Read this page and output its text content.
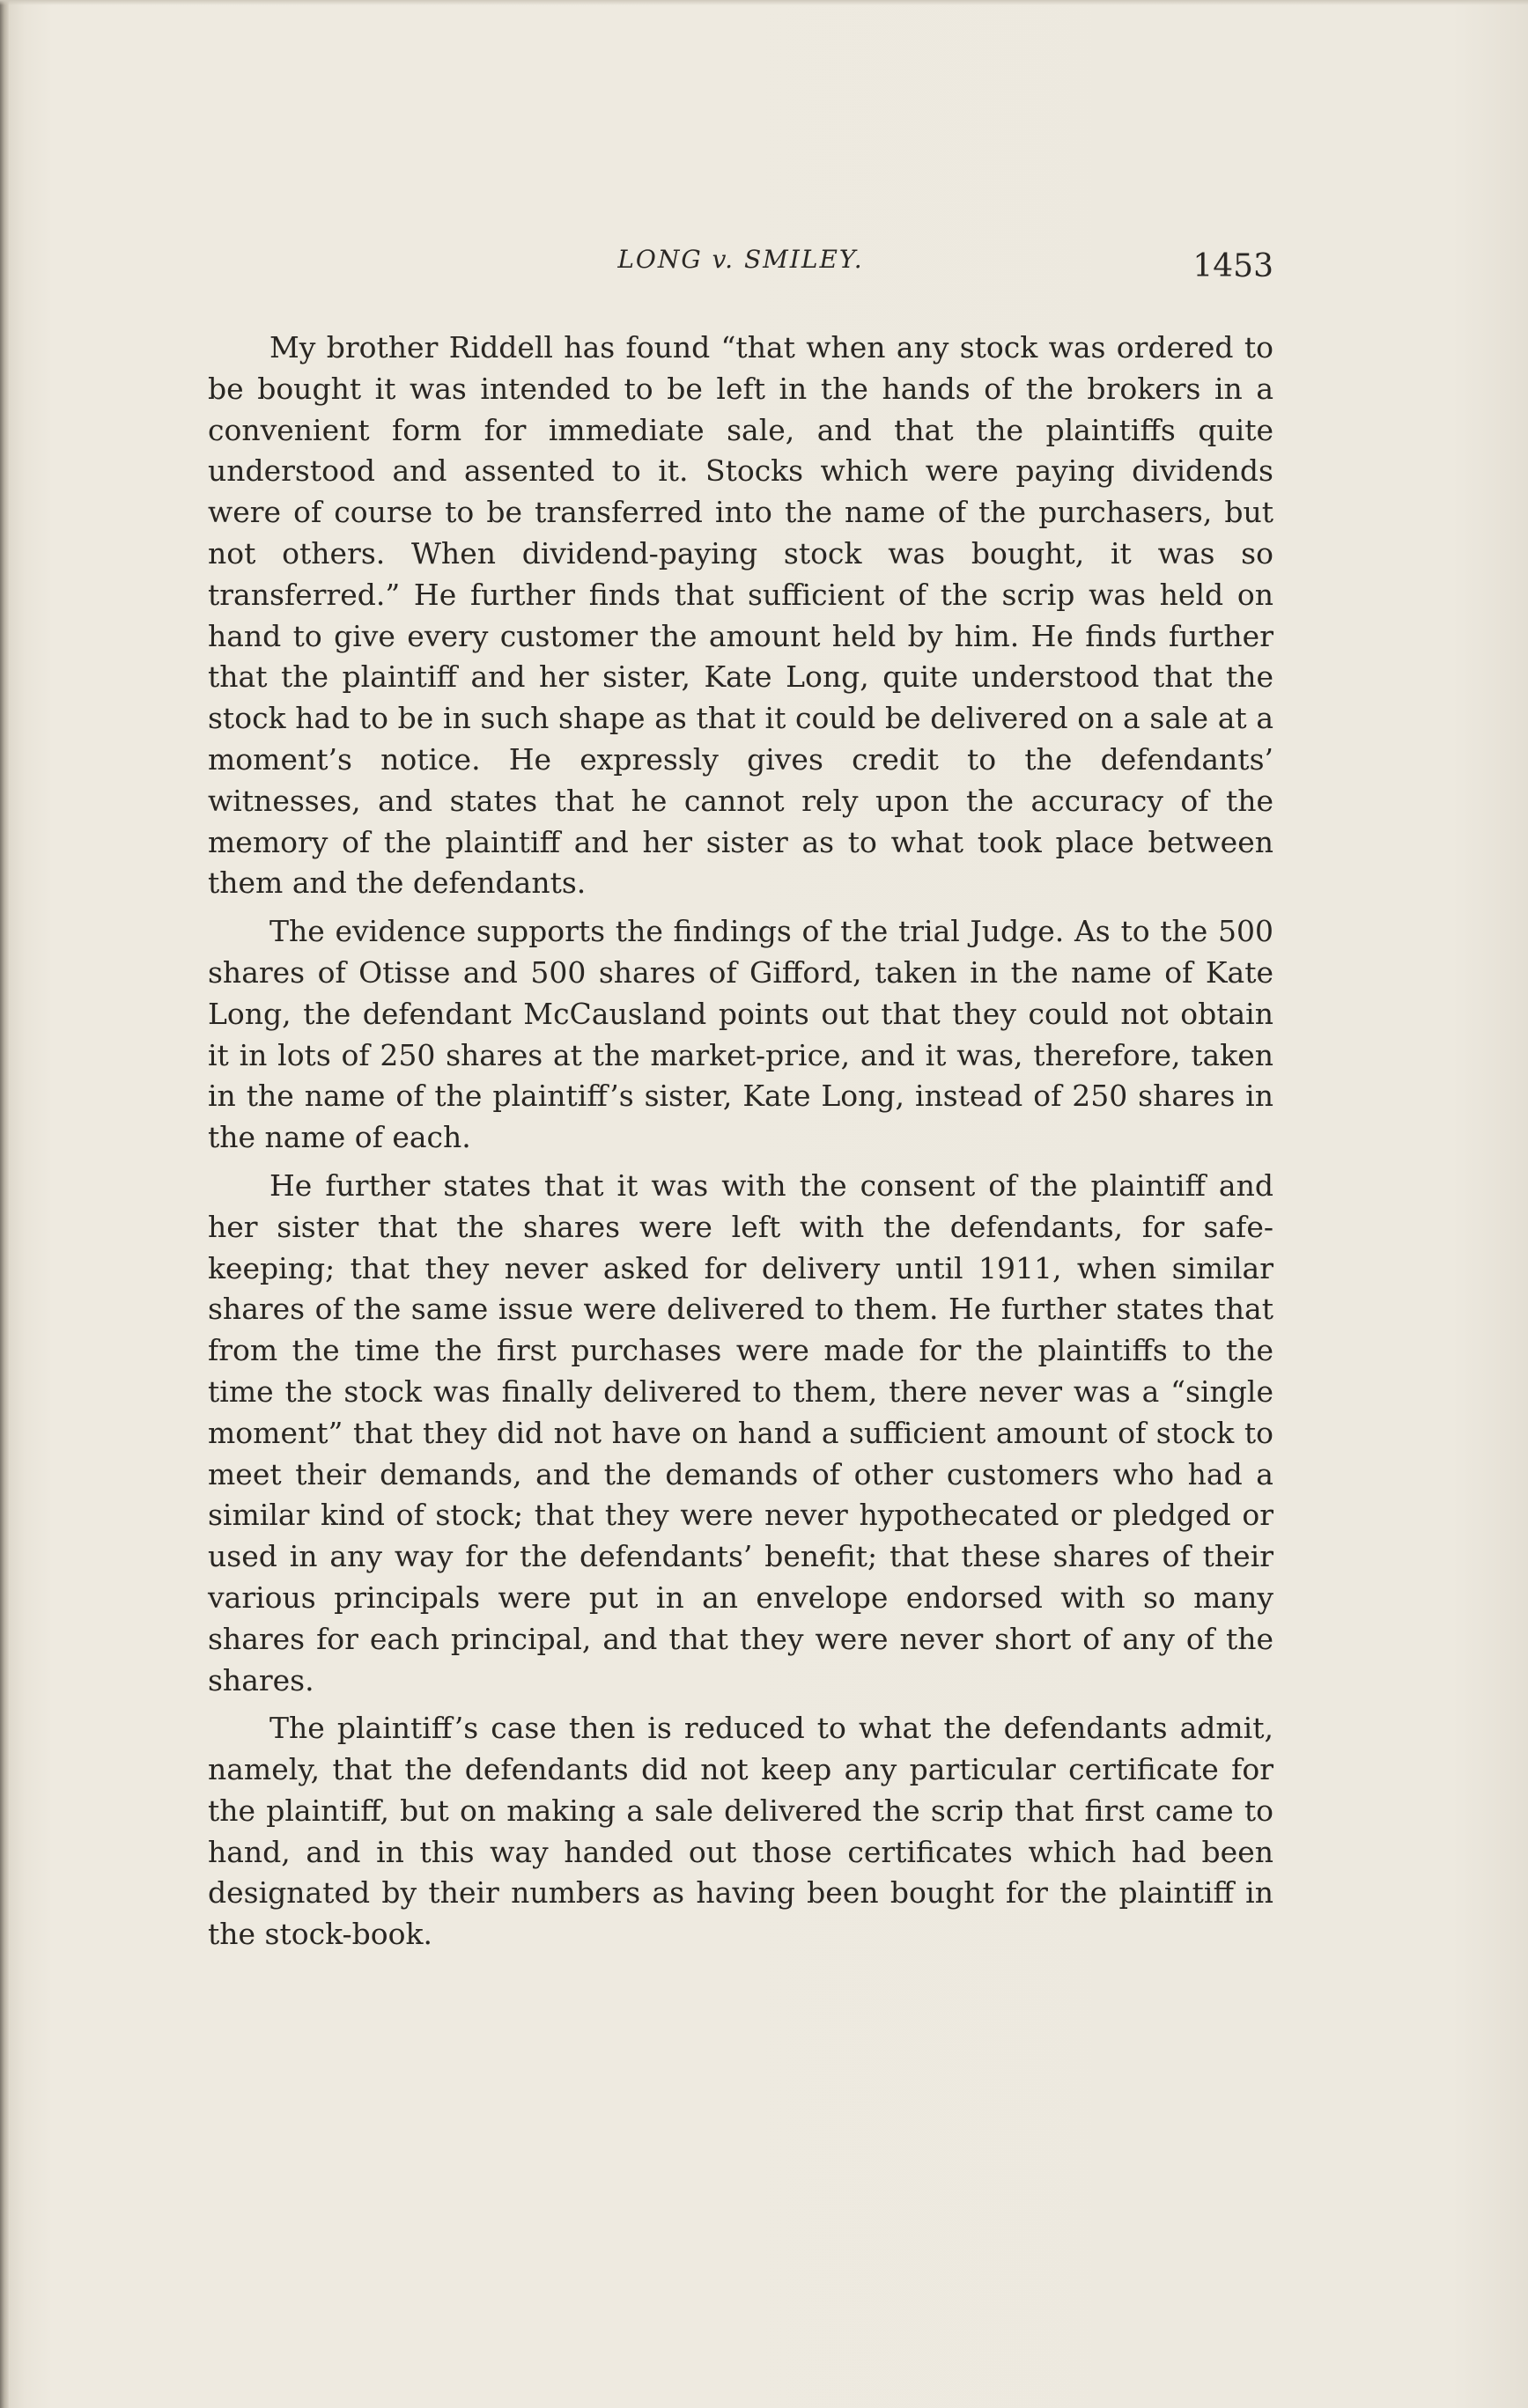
LONG v. SMILEY.	1453

My brother Riddell has found “that when any stock was ordered to be bought it was intended to be left in the hands of the brokers in a convenient form for immediate sale, and that the plaintiffs quite understood and assented to it. Stocks which were paying dividends were of course to be transferred into the name of the purchasers, but not others. When dividend-paying stock was bought, it was so transferred.” He further finds that sufficient of the scrip was held on hand to give every customer the amount held by him. He finds further that the plaintiff and her sister, Kate Long, quite understood that the stock had to be in such shape as that it could be delivered on a sale at a moment’s notice. He expressly gives credit to the defendants’ witnesses, and states that he cannot rely upon the accuracy of the memory of the plaintiff and her sister as to what took place between them and the defendants.

The evidence supports the findings of the trial Judge. As to the 500 shares of Otisse and 500 shares of Gifford, taken in the name of Kate Long, the defendant McCausland points out that they could not obtain it in lots of 250 shares at the market-price, and it was, therefore, taken in the name of the plaintiff’s sister, Kate Long, instead of 250 shares in the name of each.

He further states that it was with the consent of the plaintiff and her sister that the shares were left with the defendants, for safe-keeping; that they never asked for delivery until 1911, when similar shares of the same issue were delivered to them. He further states that from the time the first purchases were made for the plaintiffs to the time the stock was finally delivered to them, there never was a “single moment” that they did not have on hand a sufficient amount of stock to meet their demands, and the demands of other customers who had a similar kind of stock; that they were never hypothecated or pledged or used in any way for the defendants’ benefit; that these shares of their various principals were put in an envelope endorsed with so many shares for each principal, and that they were never short of any of the shares.

The plaintiff’s case then is reduced to what the defendants admit, namely, that the defendants did not keep any particular certificate for the plaintiff, but on making a sale delivered the scrip that first came to hand, and in this way handed out those certificates which had been designated by their numbers as having been bought for the plaintiff in the stock-book.
